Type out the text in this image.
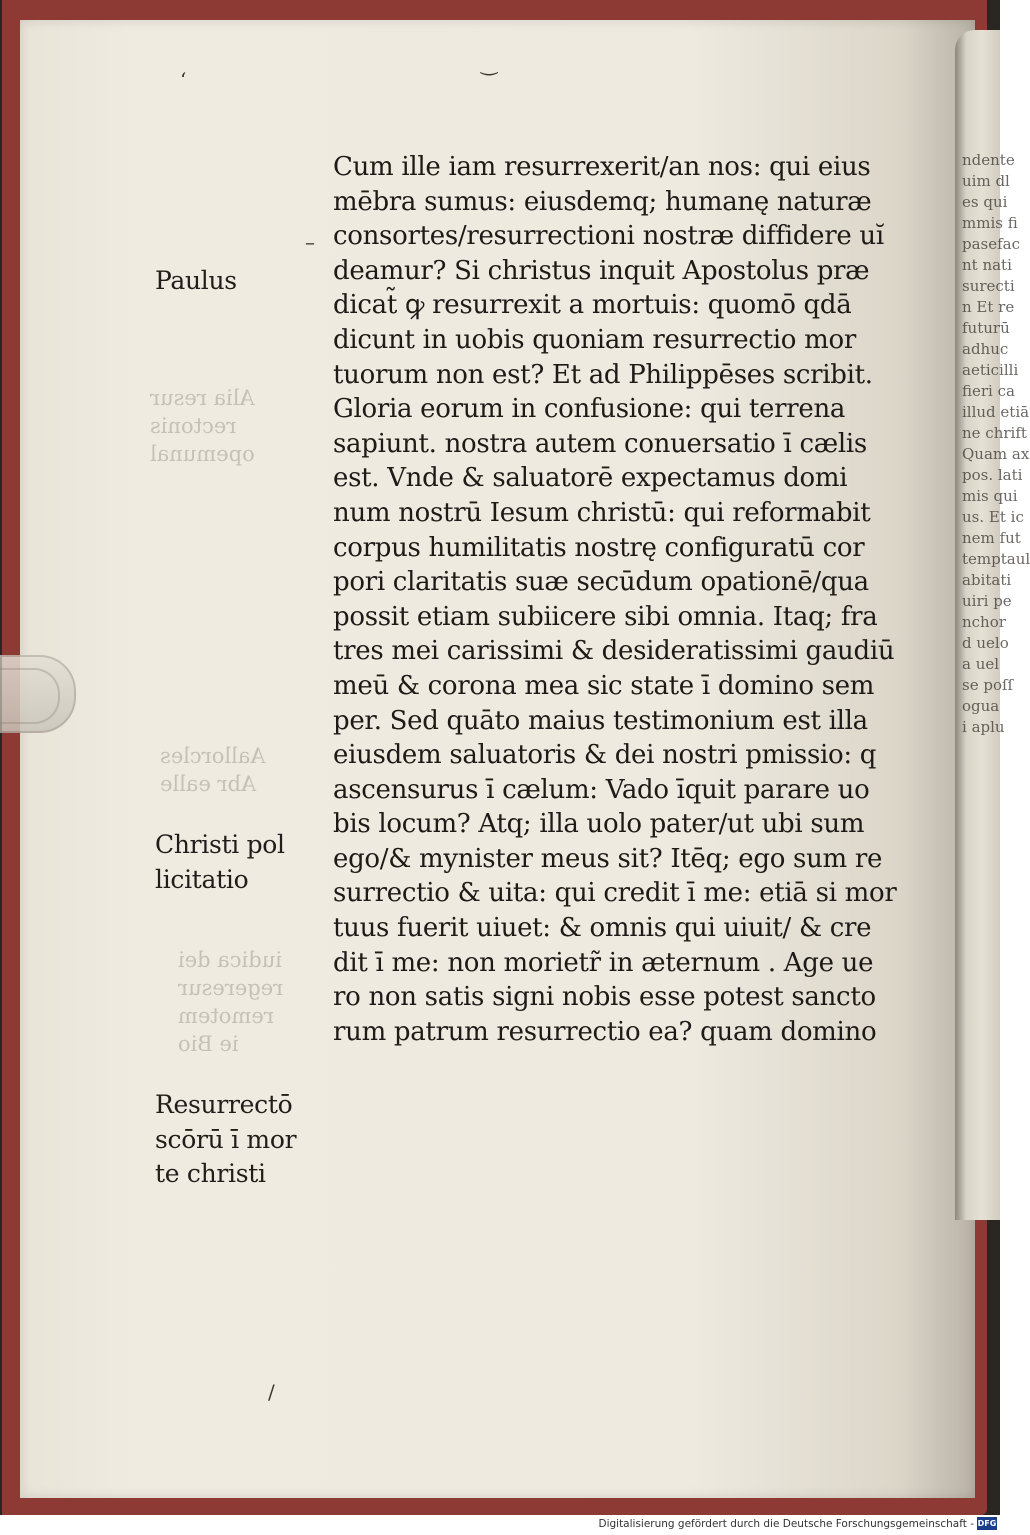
ndente
uim dl
es qui
mmis fi
pasefac
nt nati
surecti
n Et re
futurū
adhuc
aeticilli
fieri ca
illud etiā
ne chrift
Quam ax
pos. lati
mis qui
us. Et ic
nem fut
temptaul
abitati
uiri pe
nchor
d uelo
a uel
se poſſ
ogua
i aplu
Alia resur
rectonis
opemunal
Aallorcles
Abr ealle
iudica dei
regeresur
remotem
ie Bio
ʻ
‿
–
/
Paulus
Christi pol
licitatio
Resurrectō
scōrū ī mor
te christi
Cum ille iam resurrexerit/an nos: qui eius
mēbra sumus: eiusdemq; humanę naturæ
consortes/resurrectioni nostræ diffidere uĭ
deamur? Si christus inquit Apostolus præ
dicat̃ ꝙ resurrexit a mortuis: quomō qdā
dicunt in uobis quoniam resurrectio mor
tuorum non est? Et ad Philippēses scribit.
Gloria eorum in confusione: qui terrena
sapiunt. nostra autem conuersatio ī cælis
est. Vnde & saluatorē expectamus domi
num nostrū Iesum christū: qui reformabit
corpus humilitatis nostrę configuratū cor
pori claritatis suæ secūdum opationē/qua
possit etiam subiicere sibi omnia. Itaq; fra
tres mei carissimi & desideratissimi gaudiū
meū & corona mea sic state ī domino sem
per. Sed quāto maius testimonium est illa
eiusdem saluatoris & dei nostri pmissio: q
ascensurus ī cælum: Vado īquit parare uo
bis locum? Atq; illa uolo pater/ut ubi sum
ego/& mynister meus sit? Itēq; ego sum re
surrectio & uita: qui credit ī me: etiā si mor
tuus fuerit uiuet: & omnis qui uiuit/ & cre
dit ī me: non morietr̃ in æternum . Age ue
ro non satis signi nobis esse potest sancto
rum patrum resurrectio ea? quam domino
Digitalisierung gefördert durch die Deutsche Forschungsgemeinschaft - DFG
